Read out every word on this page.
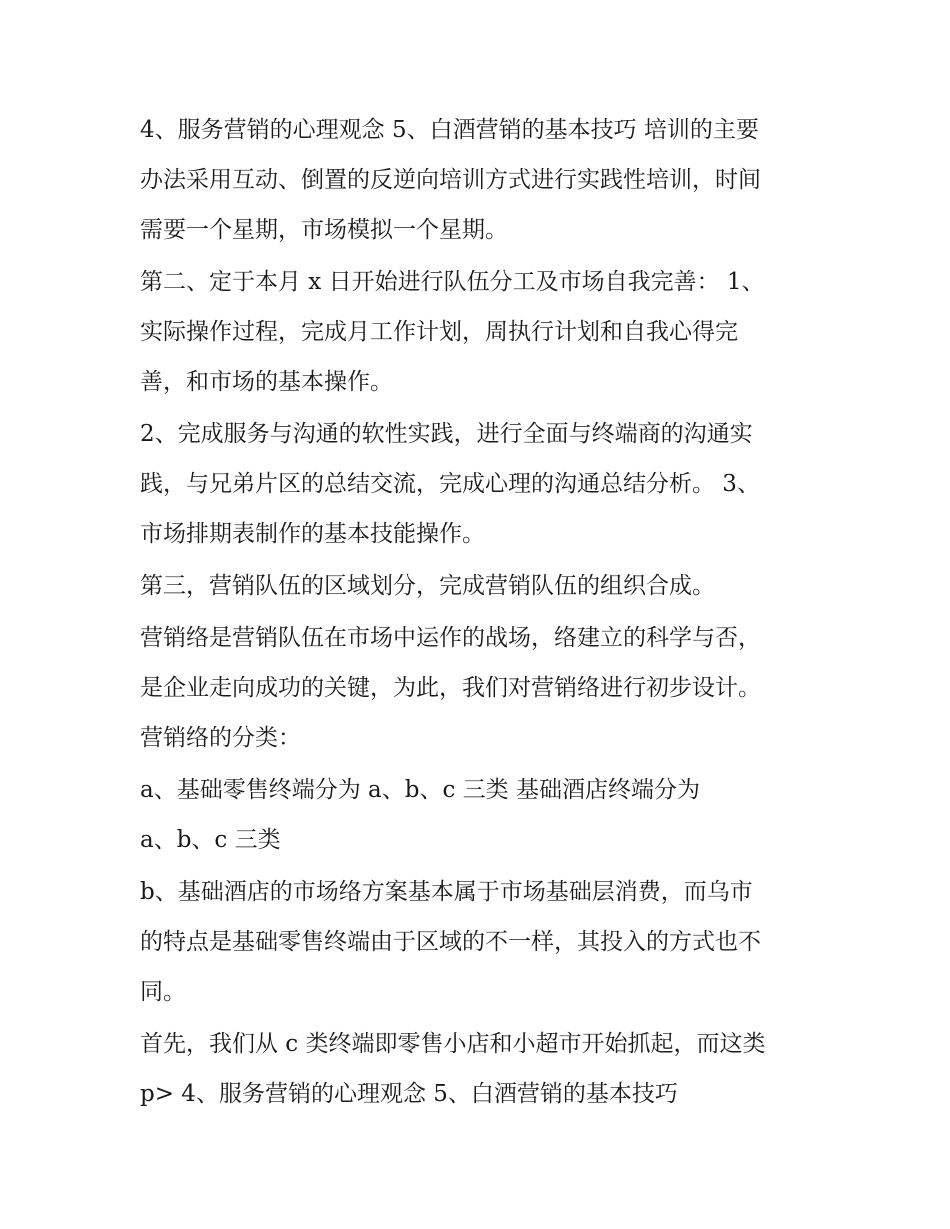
4、服务营销的心理观念 5、白酒营销的基本技巧 培训的主要
办法采用互动、倒置的反逆向培训方式进行实践性培训，时间
需要一个星期，市场模拟一个星期。
第二、定于本月 x 日开始进行队伍分工及市场自我完善： 1、
实际操作过程，完成月工作计划，周执行计划和自我心得完
善，和市场的基本操作。
2、完成服务与沟通的软性实践，进行全面与终端商的沟通实
践，与兄弟片区的总结交流，完成心理的沟通总结分析。 3、
市场排期表制作的基本技能操作。
第三，营销队伍的区域划分，完成营销队伍的组织合成。
营销络是营销队伍在市场中运作的战场，络建立的科学与否，
是企业走向成功的关键，为此，我们对营销络进行初步设计。
营销络的分类：
a、基础零售终端分为 a、b、c 三类 基础酒店终端分为
a、b、c 三类
b、基础酒店的市场络方案基本属于市场基础层消费，而乌市
的特点是基础零售终端由于区域的不一样，其投入的方式也不
同。
首先，我们从 c 类终端即零售小店和小超市开始抓起，而这类
p> 4、服务营销的心理观念 5、白酒营销的基本技巧
